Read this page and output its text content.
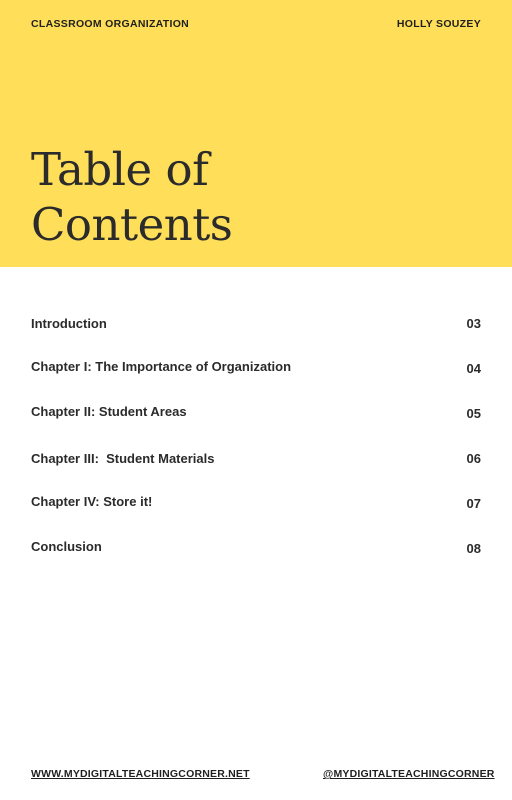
CLASSROOM ORGANIZATION	HOLLY SOUZEY
Table of
Contents
Introduction	03
Chapter I: The Importance of Organization	04
Chapter II: Student Areas	05
Chapter III:  Student Materials	06
Chapter IV: Store it!	07
Conclusion	08
WWW.MYDIGITALTEACHINGCORNER.NET	@MYDIGITALTEACHINGCORNER
